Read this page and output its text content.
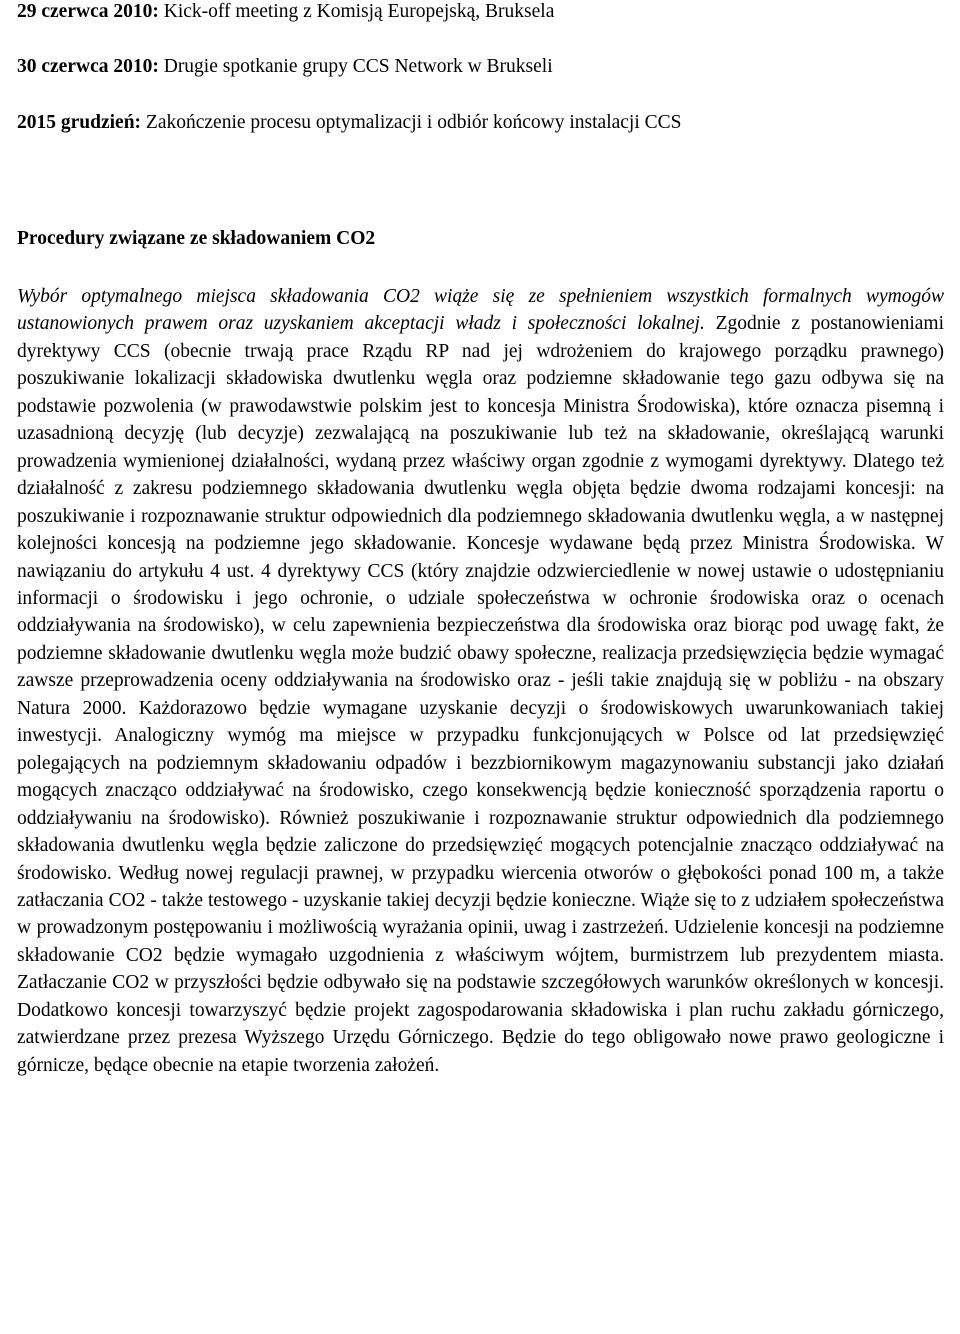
29 czerwca 2010: Kick-off meeting z Komisją Europejską, Bruksela
30 czerwca 2010: Drugie spotkanie grupy CCS Network w Brukseli
2015 grudzień: Zakończenie procesu optymalizacji i odbiór końcowy instalacji CCS
Procedury związane ze składowaniem CO2

Wybór optymalnego miejsca składowania CO2 wiąże się ze spełnieniem wszystkich formalnych wymogów ustanowionych prawem oraz uzyskaniem akceptacji władz i społeczności lokalnej. Zgodnie z postanowieniami dyrektywy CCS (obecnie trwają prace Rządu RP nad jej wdrożeniem do krajowego porządku prawnego) poszukiwanie lokalizacji składowiska dwutlenku węgla oraz podziemne składowanie tego gazu odbywa się na podstawie pozwolenia (w prawodawstwie polskim jest to koncesja Ministra Środowiska), które oznacza pisemną i uzasadnioną decyzję (lub decyzje) zezwalającą na poszukiwanie lub też na składowanie, określającą warunki prowadzenia wymienionej działalności, wydaną przez właściwy organ zgodnie z wymogami dyrektywy. Dlatego też działalność z zakresu podziemnego składowania dwutlenku węgla objęta będzie dwoma rodzajami koncesji: na poszukiwanie i rozpoznawanie struktur odpowiednich dla podziemnego składowania dwutlenku węgla, a w następnej kolejności koncesją na podziemne jego składowanie. Koncesje wydawane będą przez Ministra Środowiska. W nawiązaniu do artykułu 4 ust. 4 dyrektywy CCS (który znajdzie odzwierciedlenie w nowej ustawie o udostępnianiu informacji o środowisku i jego ochronie, o udziale społeczeństwa w ochronie środowiska oraz o ocenach oddziaływania na środowisko), w celu zapewnienia bezpieczeństwa dla środowiska oraz biorąc pod uwagę fakt, że podziemne składowanie dwutlenku węgla może budzić obawy społeczne, realizacja przedsięwzięcia będzie wymagać zawsze przeprowadzenia oceny oddziaływania na środowisko oraz - jeśli takie znajdują się w pobliżu - na obszary Natura 2000. Każdorazowo będzie wymagane uzyskanie decyzji o środowiskowych uwarunkowaniach takiej inwestycji. Analogiczny wymóg ma miejsce w przypadku funkcjonujących w Polsce od lat przedsięwzięć polegających na podziemnym składowaniu odpadów i bezzbiornikowym magazynowaniu substancji jako działań mogących znacząco oddziaływać na środowisko, czego konsekwencją będzie konieczność sporządzenia raportu o oddziaływaniu na środowisko). Również poszukiwanie i rozpoznawanie struktur odpowiednich dla podziemnego składowania dwutlenku węgla będzie zaliczone do przedsięwzięć mogących potencjalnie znacząco oddziaływać na środowisko. Według nowej regulacji prawnej, w przypadku wiercenia otworów o głębokości ponad 100 m, a także zatłaczania CO2 - także testowego - uzyskanie takiej decyzji będzie konieczne. Wiąże się to z udziałem społeczeństwa w prowadzonym postępowaniu i możliwością wyrażania opinii, uwag i zastrzeżeń. Udzielenie koncesji na podziemne składowanie CO2 będzie wymagało uzgodnienia z właściwym wójtem, burmistrzem lub prezydentem miasta. Zatłaczanie CO2 w przyszłości będzie odbywało się na podstawie szczegółowych warunków określonych w koncesji. Dodatkowo koncesji towarzyszyć będzie projekt zagospodarowania składowiska i plan ruchu zakładu górniczego, zatwierdzane przez prezesa Wyższego Urzędu Górniczego. Będzie do tego obligowało nowe prawo geologiczne i górnicze, będące obecnie na etapie tworzenia założeń.
